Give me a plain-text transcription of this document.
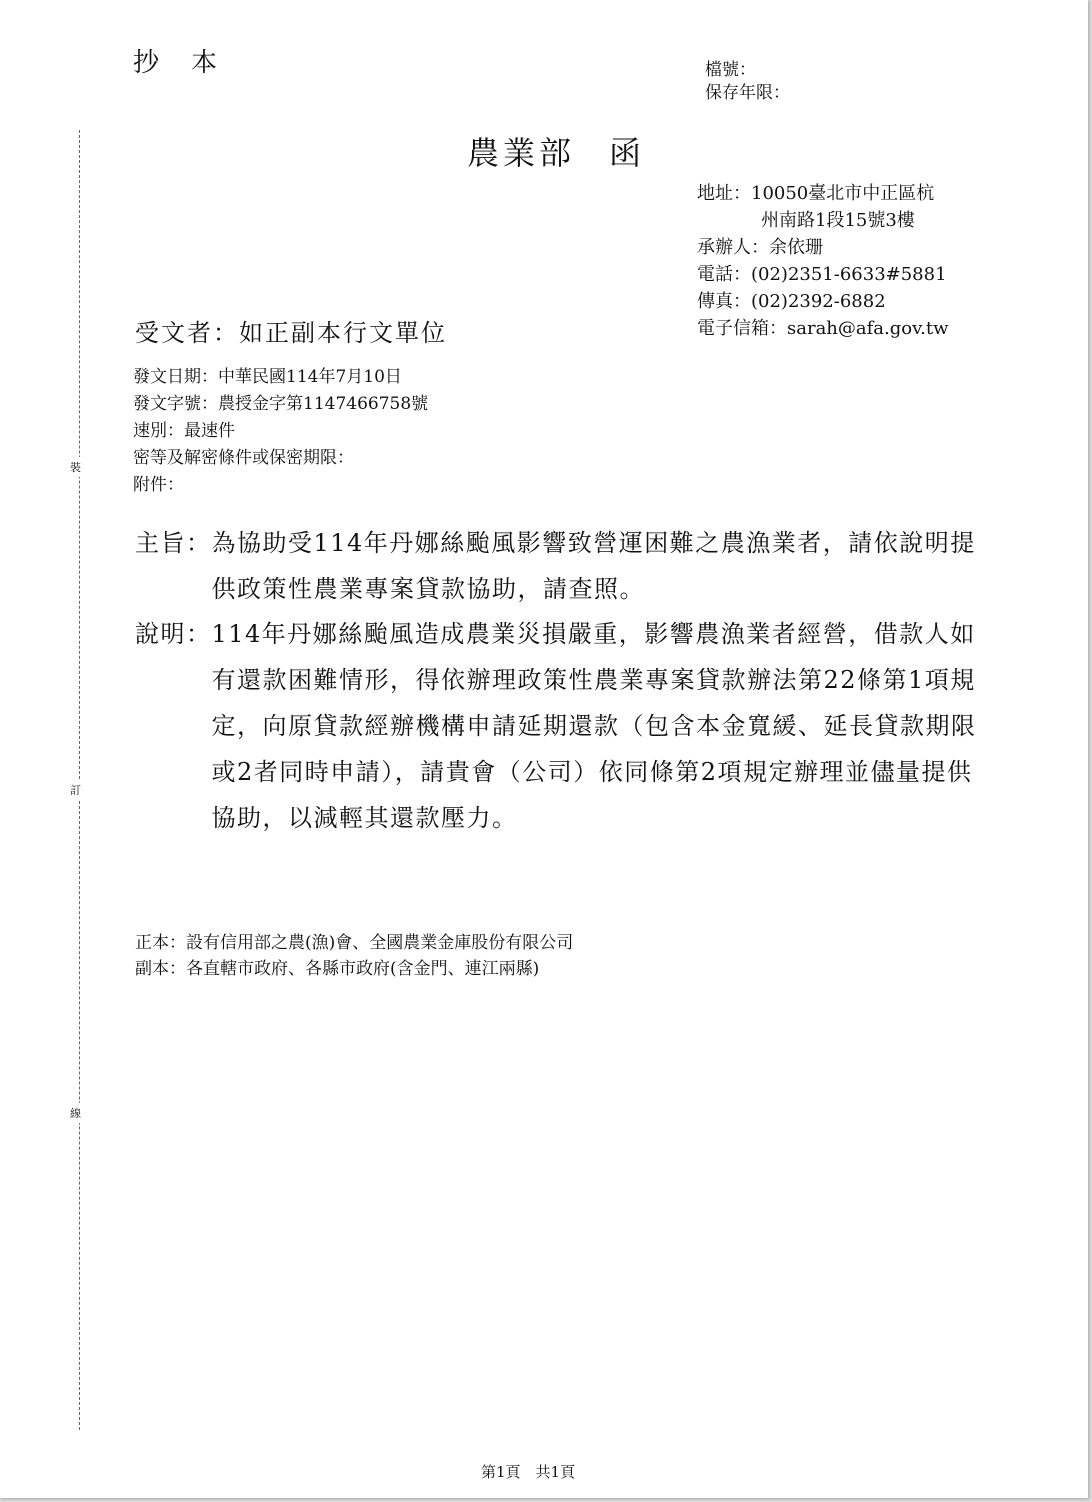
裝
訂
線
抄 本	檔號：
保存年限：
農業部 函
地址：10050臺北市中正區杭
州南路1段15號3樓
承辦人：余依珊
電話：(02)2351-6633#5881
傳真：(02)2392-6882
電子信箱：sarah@afa.gov.tw
受文者：如正副本行文單位
發文日期：中華民國114年7月10日
發文字號：農授金字第1147466758號
速別：最速件
密等及解密條件或保密期限：
附件：
主旨： 為協助受114年丹娜絲颱風影響致營運困難之農漁業者，請依說明提供政策性農業專案貸款協助，請查照。
說明： 114年丹娜絲颱風造成農業災損嚴重，影響農漁業者經營，借款人如有還款困難情形，得依辦理政策性農業專案貸款辦法第22條第1項規定，向原貸款經辦機構申請延期還款（包含本金寬緩、延長貸款期限或2者同時申請），請貴會（公司）依同條第2項規定辦理並儘量提供協助，以減輕其還款壓力。
正本：設有信用部之農(漁)會、全國農業金庫股份有限公司
副本：各直轄市政府、各縣市政府(含金門、連江兩縣)
第1頁　共1頁
